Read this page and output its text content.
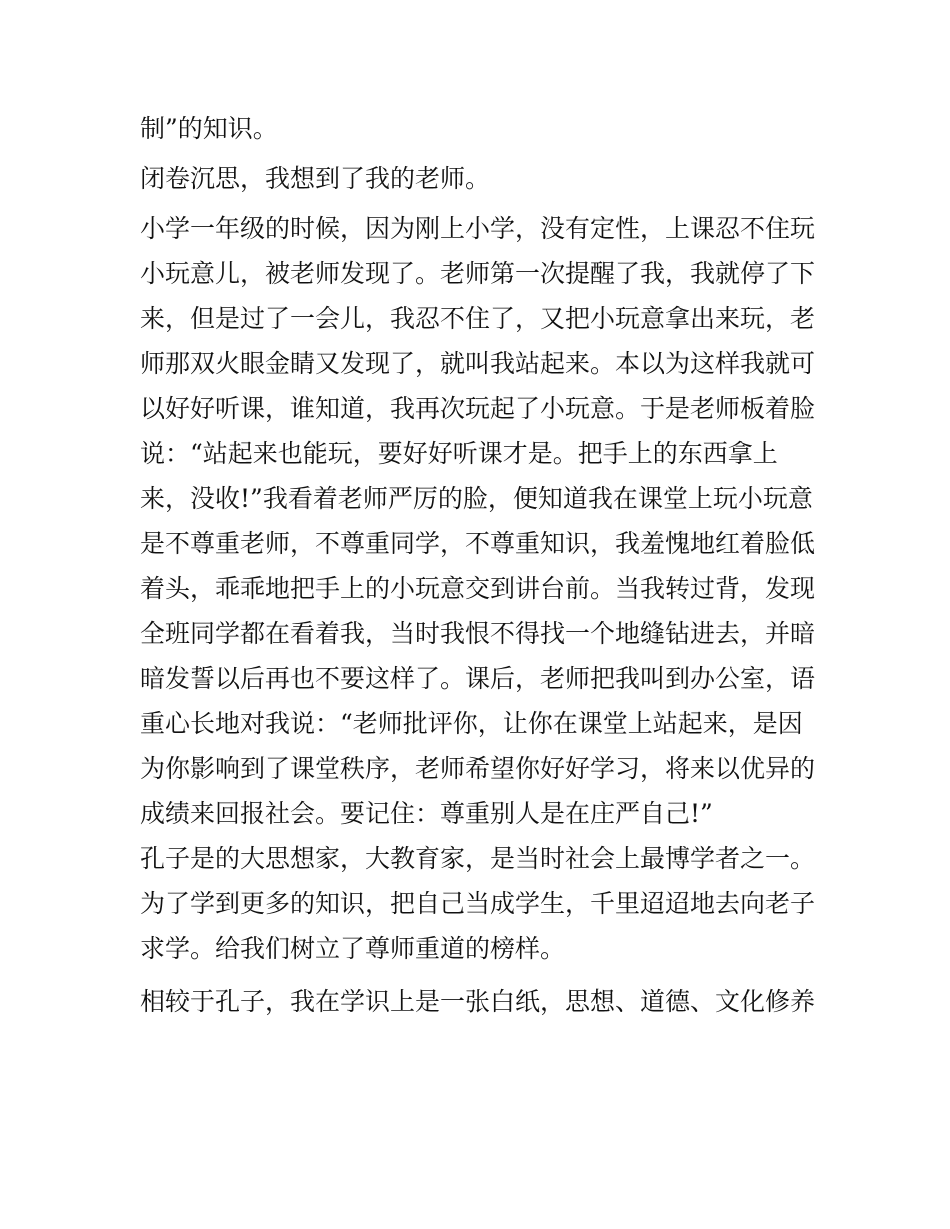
制”的知识。
闭卷沉思，我想到了我的老师。
小学一年级的时候，因为刚上小学，没有定性，上课忍不住玩
小玩意儿，被老师发现了。老师第一次提醒了我，我就停了下
来，但是过了一会儿，我忍不住了，又把小玩意拿出来玩，老
师那双火眼金睛又发现了，就叫我站起来。本以为这样我就可
以好好听课，谁知道，我再次玩起了小玩意。于是老师板着脸
说：“站起来也能玩，要好好听课才是。把手上的东西拿上
来，没收!”我看着老师严厉的脸，便知道我在课堂上玩小玩意
是不尊重老师，不尊重同学，不尊重知识，我羞愧地红着脸低
着头，乖乖地把手上的小玩意交到讲台前。当我转过背，发现
全班同学都在看着我，当时我恨不得找一个地缝钻进去，并暗
暗发誓以后再也不要这样了。课后，老师把我叫到办公室，语
重心长地对我说：“老师批评你，让你在课堂上站起来，是因
为你影响到了课堂秩序，老师希望你好好学习，将来以优异的
成绩来回报社会。要记住：尊重别人是在庄严自己!”
孔子是的大思想家，大教育家，是当时社会上最博学者之一。
为了学到更多的知识，把自己当成学生，千里迢迢地去向老子
求学。给我们树立了尊师重道的榜样。
相较于孔子，我在学识上是一张白纸，思想、道德、文化修养
